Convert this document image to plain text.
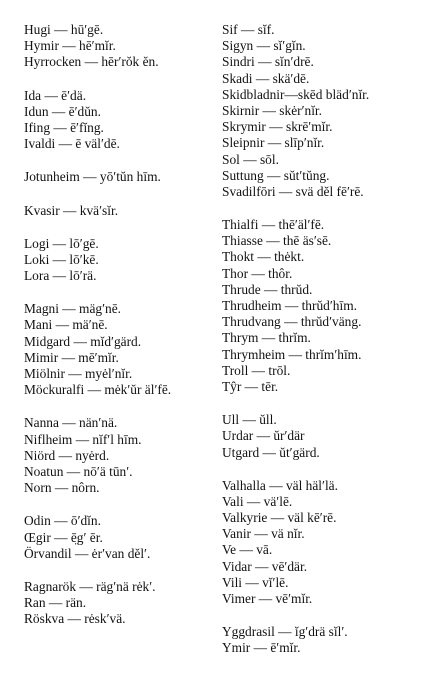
Hugi — hū′gē.
Hymir — hē′mĭr.
Hyrrocken — hēr′rŏk ĕn.
Ida — ē′dä.
Idun — ē′dŭn.
Ifing — ē′fĭng.
Ivaldi — ē väl′dē.
Jotunheim — yō′tŭn hīm.
Kvasir — kvä′sĭr.
Logi — lō′gē.
Loki — lō′kē.
Lora — lō′rä.
Magni — mäg′nē.
Mani — mä′nē.
Midgard — mĭd′gärd.
Mimir — mē′mĭr.
Miölnir — myėl′nĭr.
Möckuralfi — mėk′ŭr äl′fē.
Nanna — nän′nä.
Niflheim — nĭf′l hīm.
Niörd — nyėrd.
Noatun — nō′ä tūn′.
Norn — nôrn.
Odin — ō′dĭn.
Œgir — ē̤g′ ēr.
Örvandil — ėr′van dĕl′.
Ragnarök — räg′nä rėk′.
Ran — rän.
Röskva — rėsk′vä.
Sif — sĭf.
Sigyn — sĭ′gĭn.
Sindri — sĭn′drē.
Skadi — skä′dē.
Skidbladnir—skēd bläd′nĭr.
Skirnir — skėr′nĭr.
Skrymir — skrē′mĭr.
Sleipnir — slīp′nĭr.
Sol — sōl.
Suttung — sŭt′tŭng.
Svadilfōri — svä dĕl fē′rē.
Thialfi — thē′äl′fē.
Thiasse — thē äs′sē.
Thokt — thėkt.
Thor — thôr.
Thrude — thrŭd.
Thrudheim — thrŭd′hīm.
Thrudvang — thrŭd′väng.
Thrym — thrĭm.
Thrymheim — thrĭm′hīm.
Troll — trōl.
Tŷr — tēr.
Ull — ŭll.
Urdar — ŭr′där
Utgard — ŭt′gärd.
Valhalla — väl häl′lä.
Vali — vä′lē.
Valkyrie — väl kē′rē.
Vanir — vä nĭr.
Ve — vā.
Vidar — vē′där.
Vili — vĭ′lē.
Vimer — vē′mĭr.
Yggdrasil — ĭg′drä sĭl′.
Ymir — ē′mĭr.
